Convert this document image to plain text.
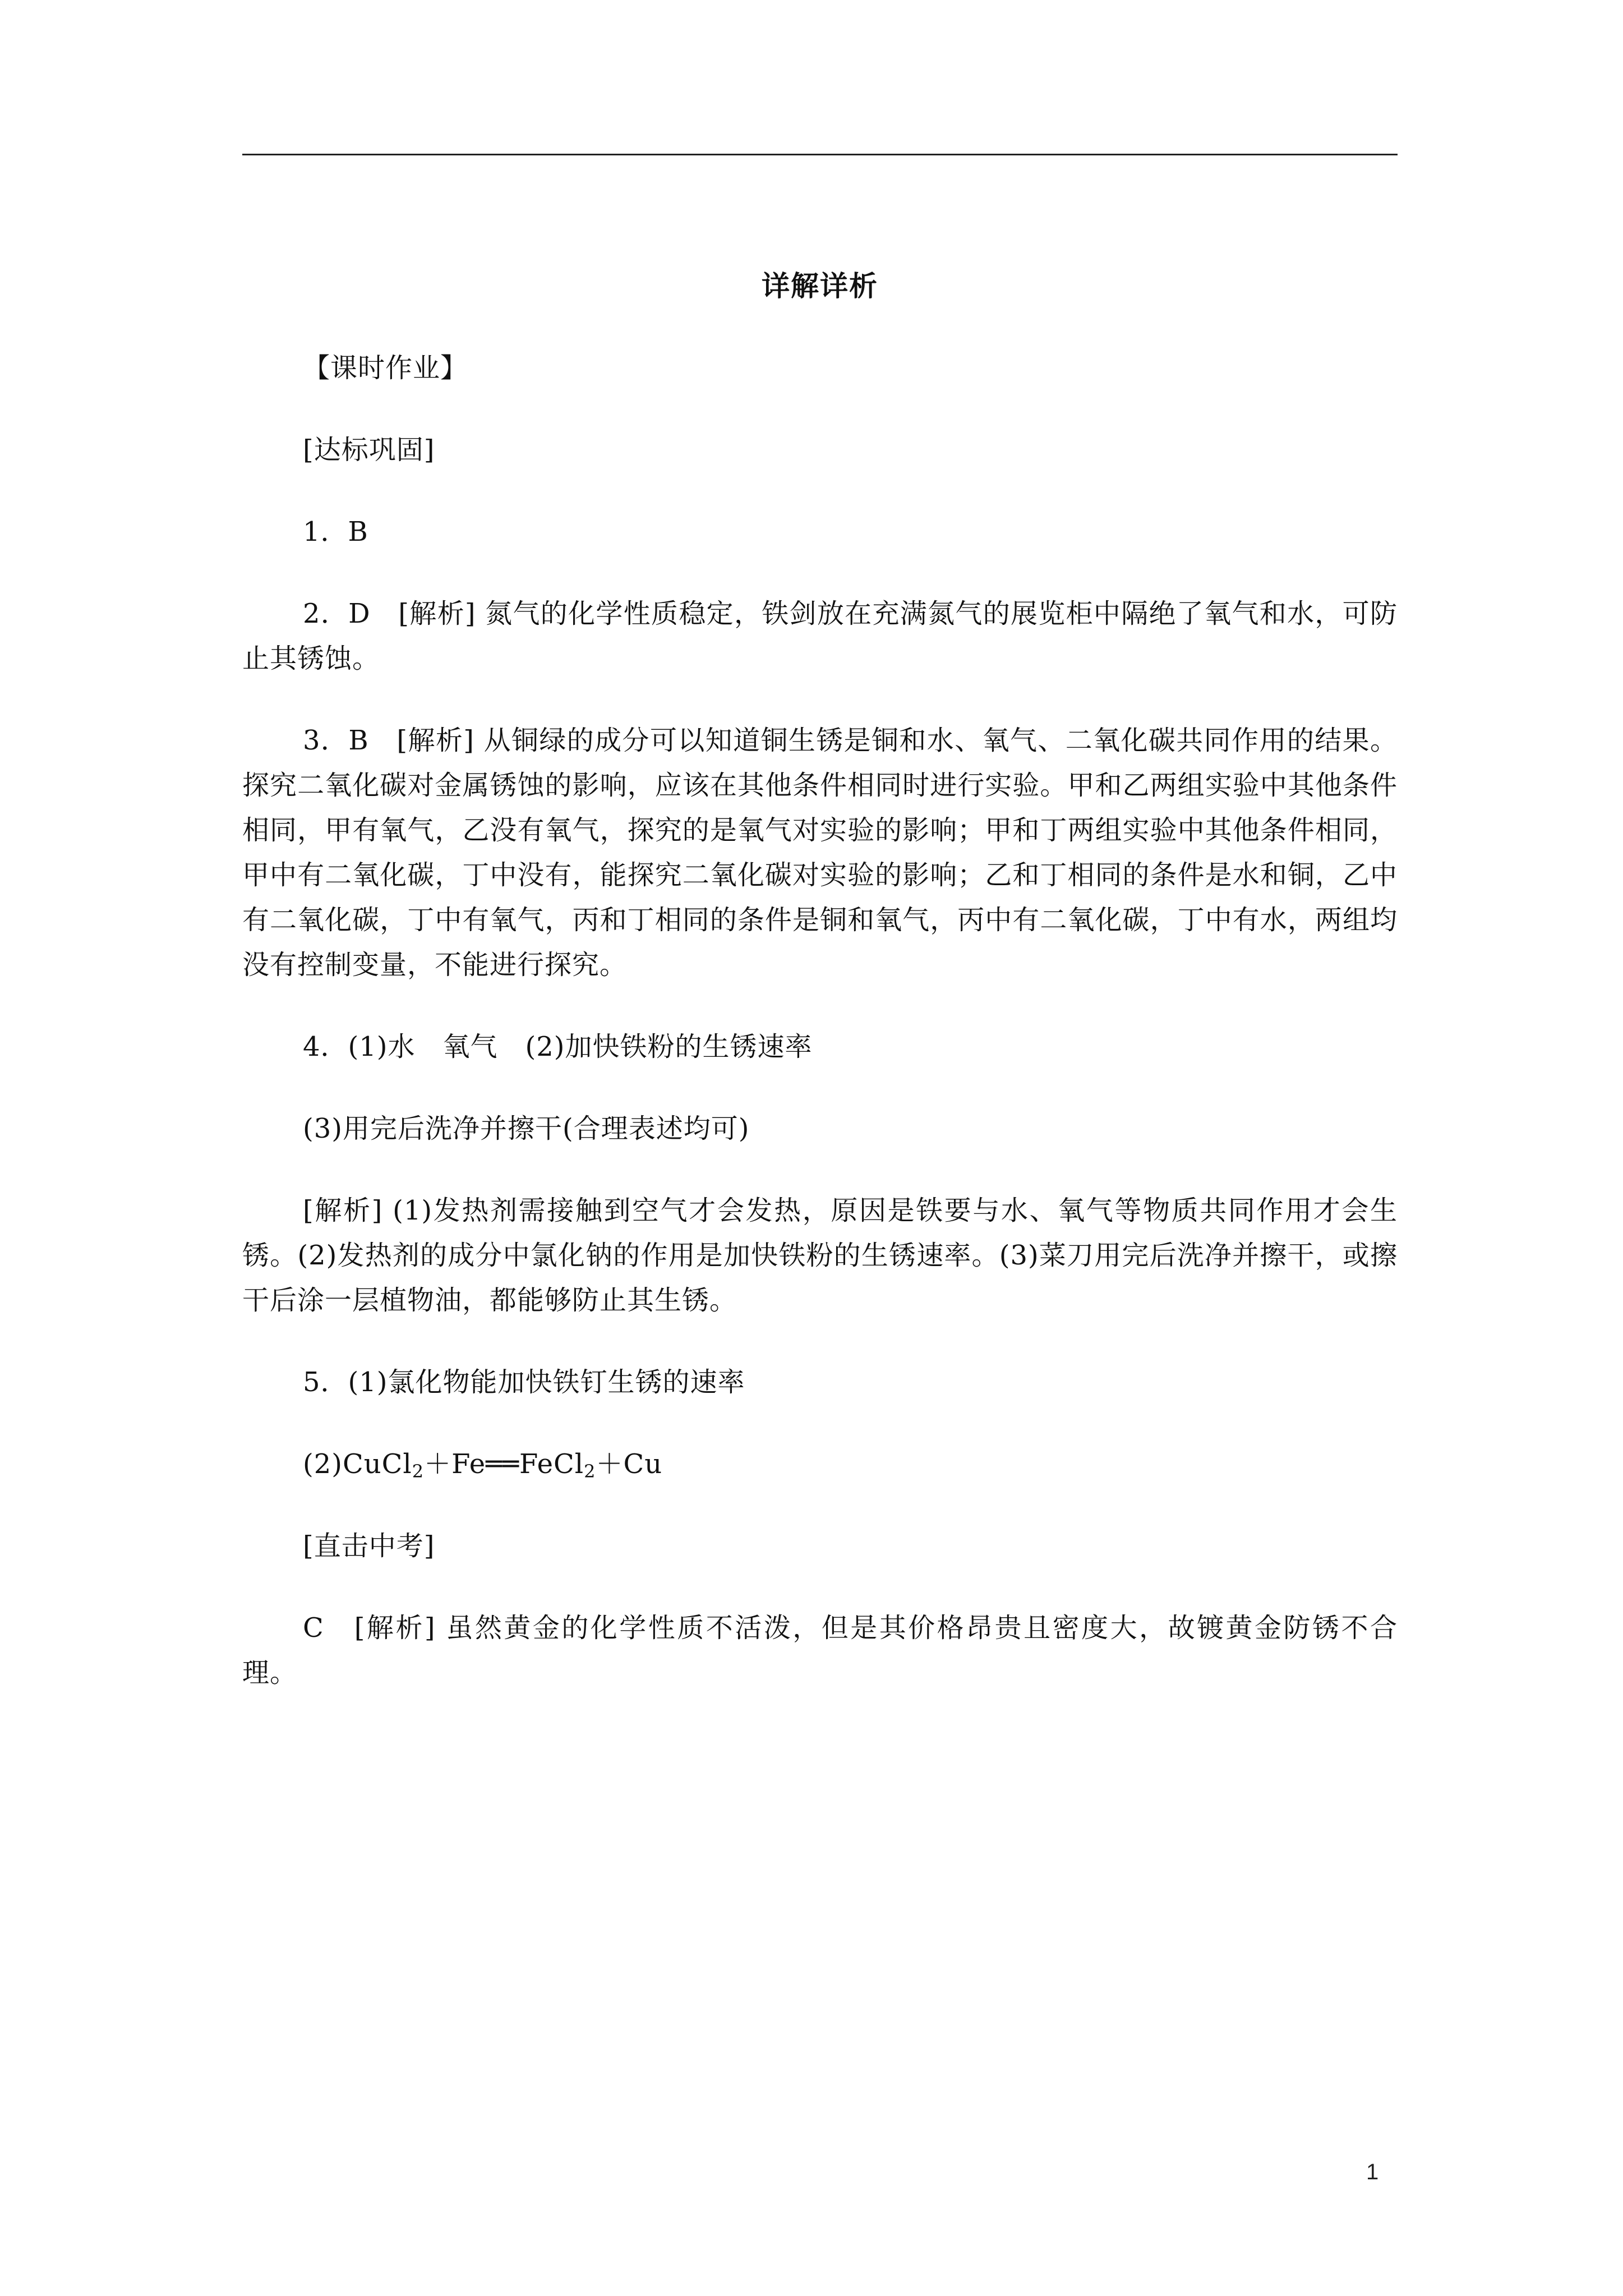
详解详析

【课时作业】

[达标巩固]

1．B

2．D　[解析] 氮气的化学性质稳定，铁剑放在充满氮气的展览柜中隔绝了氧气和水，可防止其锈蚀。

3．B　[解析] 从铜绿的成分可以知道铜生锈是铜和水、氧气、二氧化碳共同作用的结果。探究二氧化碳对金属锈蚀的影响，应该在其他条件相同时进行实验。甲和乙两组实验中其他条件相同，甲有氧气，乙没有氧气，探究的是氧气对实验的影响；甲和丁两组实验中其他条件相同，甲中有二氧化碳，丁中没有，能探究二氧化碳对实验的影响；乙和丁相同的条件是水和铜，乙中有二氧化碳，丁中有氧气，丙和丁相同的条件是铜和氧气，丙中有二氧化碳，丁中有水，两组均没有控制变量，不能进行探究。

4．(1)水　氧气　(2)加快铁粉的生锈速率

(3)用完后洗净并擦干(合理表述均可)

[解析] (1)发热剂需接触到空气才会发热，原因是铁要与水、氧气等物质共同作用才会生锈。(2)发热剂的成分中氯化钠的作用是加快铁粉的生锈速率。(3)菜刀用完后洗净并擦干，或擦干后涂一层植物油，都能够防止其生锈。

5．(1)氯化物能加快铁钉生锈的速率

(2)CuCl$_2$＋Fe══FeCl$_2$＋Cu

[直击中考]

C　[解析] 虽然黄金的化学性质不活泼，但是其价格昂贵且密度大，故镀黄金防锈不合理。

1
